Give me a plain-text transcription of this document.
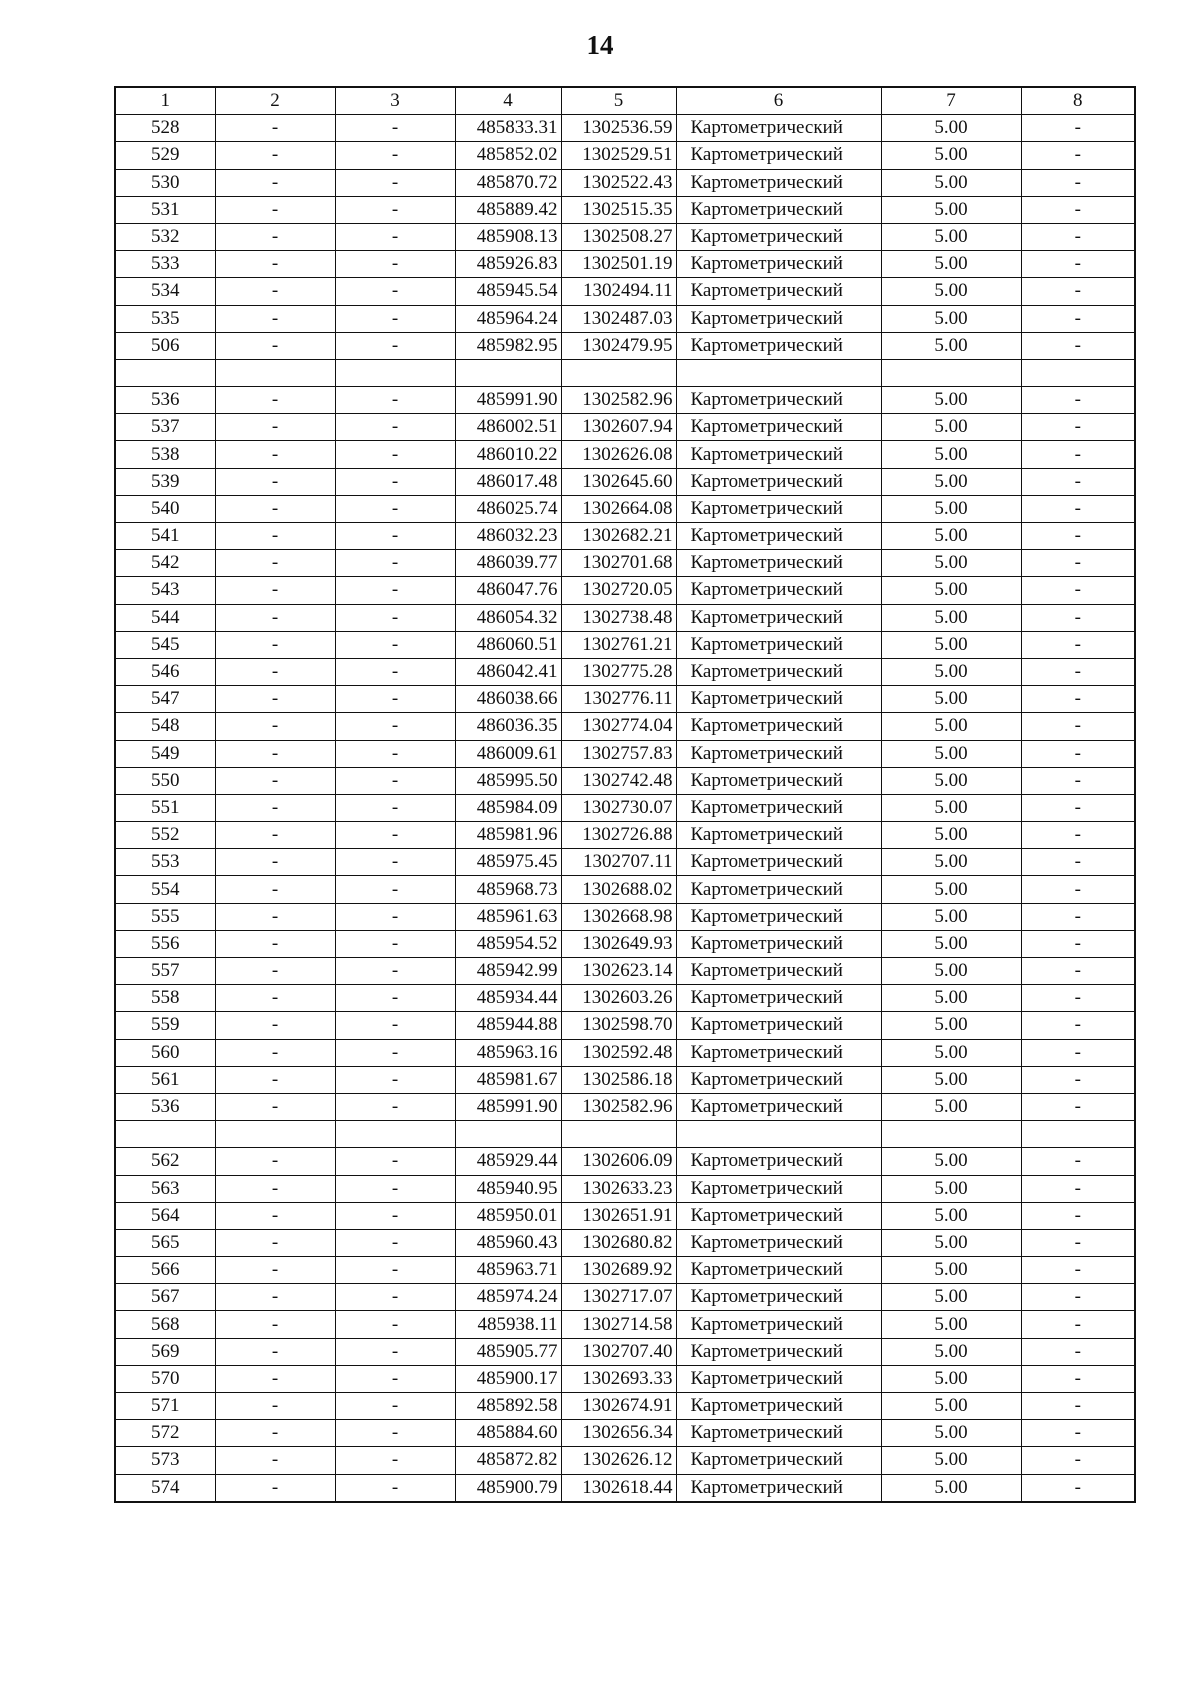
14
1	2	3	4	5	6	7	8
528	-	-	485833.31	1302536.59	Картометрический	5.00	-
529	-	-	485852.02	1302529.51	Картометрический	5.00	-
530	-	-	485870.72	1302522.43	Картометрический	5.00	-
531	-	-	485889.42	1302515.35	Картометрический	5.00	-
532	-	-	485908.13	1302508.27	Картометрический	5.00	-
533	-	-	485926.83	1302501.19	Картометрический	5.00	-
534	-	-	485945.54	1302494.11	Картометрический	5.00	-
535	-	-	485964.24	1302487.03	Картометрический	5.00	-
506	-	-	485982.95	1302479.95	Картометрический	5.00	-

536	-	-	485991.90	1302582.96	Картометрический	5.00	-
537	-	-	486002.51	1302607.94	Картометрический	5.00	-
538	-	-	486010.22	1302626.08	Картометрический	5.00	-
539	-	-	486017.48	1302645.60	Картометрический	5.00	-
540	-	-	486025.74	1302664.08	Картометрический	5.00	-
541	-	-	486032.23	1302682.21	Картометрический	5.00	-
542	-	-	486039.77	1302701.68	Картометрический	5.00	-
543	-	-	486047.76	1302720.05	Картометрический	5.00	-
544	-	-	486054.32	1302738.48	Картометрический	5.00	-
545	-	-	486060.51	1302761.21	Картометрический	5.00	-
546	-	-	486042.41	1302775.28	Картометрический	5.00	-
547	-	-	486038.66	1302776.11	Картометрический	5.00	-
548	-	-	486036.35	1302774.04	Картометрический	5.00	-
549	-	-	486009.61	1302757.83	Картометрический	5.00	-
550	-	-	485995.50	1302742.48	Картометрический	5.00	-
551	-	-	485984.09	1302730.07	Картометрический	5.00	-
552	-	-	485981.96	1302726.88	Картометрический	5.00	-
553	-	-	485975.45	1302707.11	Картометрический	5.00	-
554	-	-	485968.73	1302688.02	Картометрический	5.00	-
555	-	-	485961.63	1302668.98	Картометрический	5.00	-
556	-	-	485954.52	1302649.93	Картометрический	5.00	-
557	-	-	485942.99	1302623.14	Картометрический	5.00	-
558	-	-	485934.44	1302603.26	Картометрический	5.00	-
559	-	-	485944.88	1302598.70	Картометрический	5.00	-
560	-	-	485963.16	1302592.48	Картометрический	5.00	-
561	-	-	485981.67	1302586.18	Картометрический	5.00	-
536	-	-	485991.90	1302582.96	Картометрический	5.00	-

562	-	-	485929.44	1302606.09	Картометрический	5.00	-
563	-	-	485940.95	1302633.23	Картометрический	5.00	-
564	-	-	485950.01	1302651.91	Картометрический	5.00	-
565	-	-	485960.43	1302680.82	Картометрический	5.00	-
566	-	-	485963.71	1302689.92	Картометрический	5.00	-
567	-	-	485974.24	1302717.07	Картометрический	5.00	-
568	-	-	485938.11	1302714.58	Картометрический	5.00	-
569	-	-	485905.77	1302707.40	Картометрический	5.00	-
570	-	-	485900.17	1302693.33	Картометрический	5.00	-
571	-	-	485892.58	1302674.91	Картометрический	5.00	-
572	-	-	485884.60	1302656.34	Картометрический	5.00	-
573	-	-	485872.82	1302626.12	Картометрический	5.00	-
574	-	-	485900.79	1302618.44	Картометрический	5.00	-
